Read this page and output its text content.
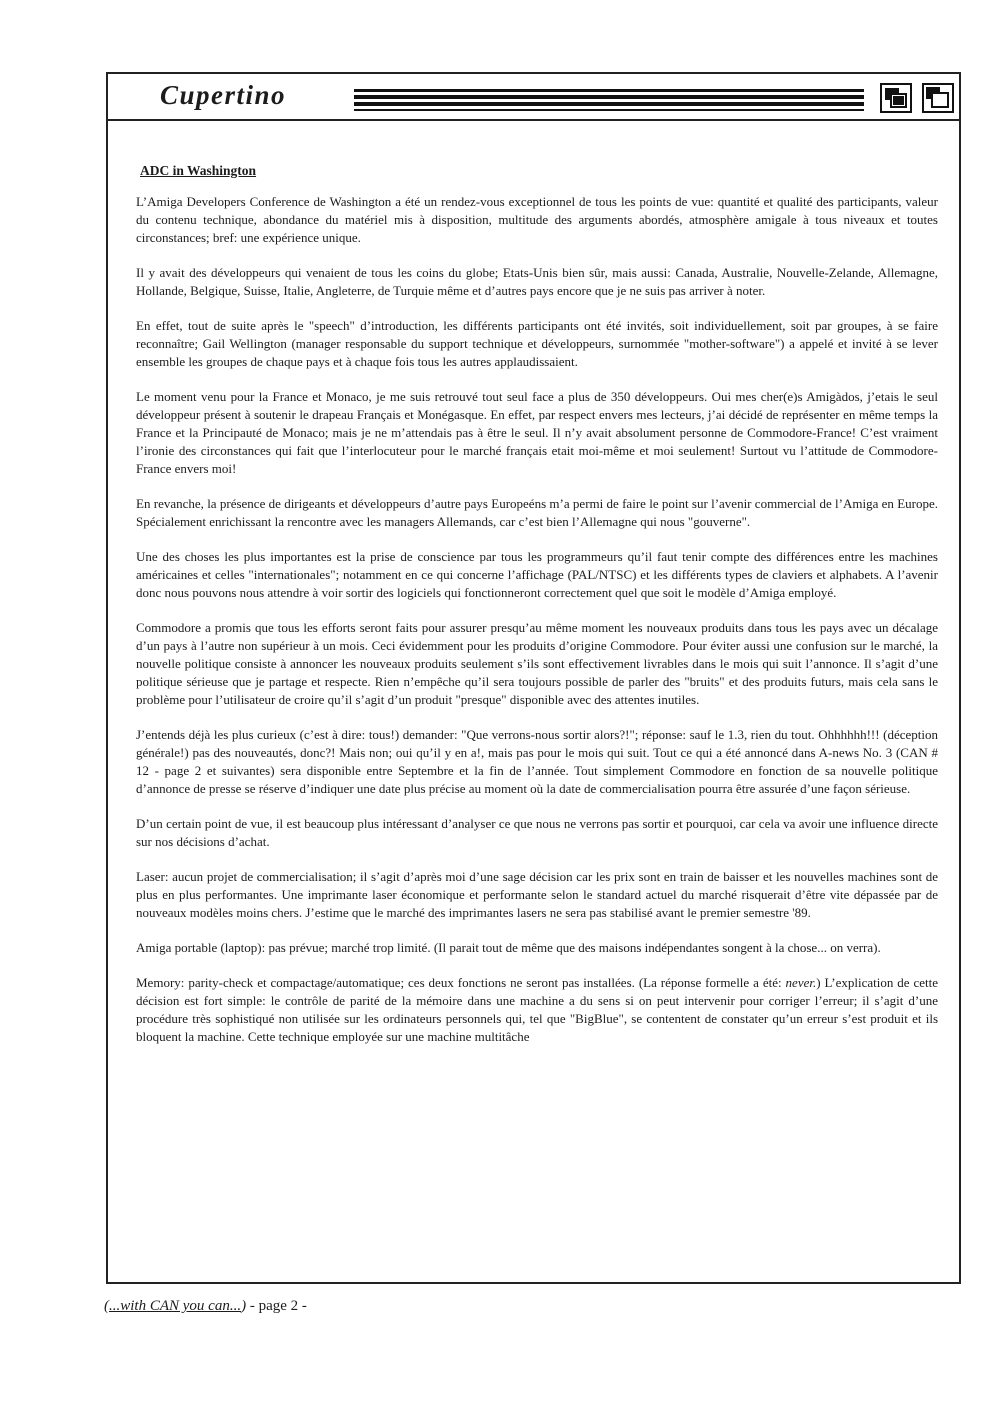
Cupertino
ADC in Washington

L’Amiga Developers Conference de Washington a été un rendez-vous exceptionnel de tous les points de vue: quantité et qualité des participants, valeur du contenu technique, abondance du matériel mis à disposition, multitude des arguments abordés, atmosphère amigale à tous niveaux et toutes circonstances; bref: une expérience unique.

Il y avait des développeurs qui venaient de tous les coins du globe; Etats-Unis bien sûr, mais aussi: Canada, Australie, Nouvelle-Zelande, Allemagne, Hollande, Belgique, Suisse, Italie, Angleterre, de Turquie même et d’autres pays encore que je ne suis pas arriver à noter.

En effet, tout de suite après le "speech" d’introduction, les différents participants ont été invités, soit individuellement, soit par groupes, à se faire reconnaître; Gail Wellington (manager responsable du support technique et développeurs, surnommée "mother-software") a appelé et invité à se lever ensemble les groupes de chaque pays et à chaque fois tous les autres applaudissaient.

Le moment venu pour la France et Monaco, je me suis retrouvé tout seul face a plus de 350 développeurs. Oui mes cher(e)s Amigàdos, j’etais le seul développeur présent à soutenir le drapeau Français et Monégasque. En effet, par respect envers mes lecteurs, j’ai décidé de représenter en même temps la France et la Principauté de Monaco; mais je ne m’attendais pas à être le seul. Il n’y avait absolument personne de Commodore-France! C’est vraiment l’ironie des circonstances qui fait que l’interlocuteur pour le marché français etait moi-même et moi seulement! Surtout vu l’attitude de Commodore-France envers moi!

En revanche, la présence de dirigeants et développeurs d’autre pays Europeéns m’a permi de faire le point sur l’avenir commercial de l’Amiga en Europe. Spécialement enrichissant la rencontre avec les managers Allemands, car c’est bien l’Allemagne qui nous "gouverne".

Une des choses les plus importantes est la prise de conscience par tous les programmeurs qu’il faut tenir compte des différences entre les machines américaines et celles "internationales"; notamment en ce qui concerne l’affichage (PAL/NTSC) et les différents types de claviers et alphabets. A l’avenir donc nous pouvons nous attendre à voir sortir des logiciels qui fonctionneront correctement quel que soit le modèle d’Amiga employé.

Commodore a promis que tous les efforts seront faits pour assurer presqu’au même moment les nouveaux produits dans tous les pays avec un décalage d’un pays à l’autre non supérieur à un mois. Ceci évidemment pour les produits d’origine Commodore. Pour éviter aussi une confusion sur le marché, la nouvelle politique consiste à annoncer les nouveaux produits seulement s’ils sont effectivement livrables dans le mois qui suit l’annonce. Il s’agit d’une politique sérieuse que je partage et respecte. Rien n’empêche qu’il sera toujours possible de parler des "bruits" et des produits futurs, mais cela sans le problème pour l’utilisateur de croire qu’il s’agit d’un produit "presque" disponible avec des attentes inutiles.

J’entends déjà les plus curieux (c’est à dire: tous!) demander: "Que verrons-nous sortir alors?!"; réponse: sauf le 1.3, rien du tout. Ohhhhhh!!! (déception générale!) pas des nouveautés, donc?! Mais non; oui qu’il y en a!, mais pas pour le mois qui suit. Tout ce qui a été annoncé dans A-news No. 3 (CAN # 12 - page 2 et suivantes) sera disponible entre Septembre et la fin de l’année. Tout simplement Commodore en fonction de sa nouvelle politique d’annonce de presse se réserve d’indiquer une date plus précise au moment où la date de commercialisation pourra être assurée d’une façon sérieuse.

D’un certain point de vue, il est beaucoup plus intéressant d’analyser ce que nous ne verrons pas sortir et pourquoi, car cela va avoir une influence directe sur nos décisions d’achat.

Laser: aucun projet de commercialisation; il s’agit d’après moi d’une sage décision car les prix sont en train de baisser et les nouvelles machines sont de plus en plus performantes. Une imprimante laser économique et performante selon le standard actuel du marché risquerait d’être vite dépassée par de nouveaux modèles moins chers. J’estime que le marché des imprimantes lasers ne sera pas stabilisé avant le premier semestre '89.

Amiga portable (laptop): pas prévue; marché trop limité. (Il parait tout de même que des maisons indépendantes songent à la chose... on verra).

Memory: parity-check et compactage/automatique; ces deux fonctions ne seront pas installées. (La réponse formelle a été: never.) L’explication de cette décision est fort simple: le contrôle de parité de la mémoire dans une machine a du sens si on peut intervenir pour corriger l’erreur; il s’agit d’une procédure très sophistiqué non utilisée sur les ordinateurs personnels qui, tel que "BigBlue", se contentent de constater qu’un erreur s’est produit et ils bloquent la machine. Cette technique employée sur une machine multitâche

(...with CAN you can...) - page 2 -
